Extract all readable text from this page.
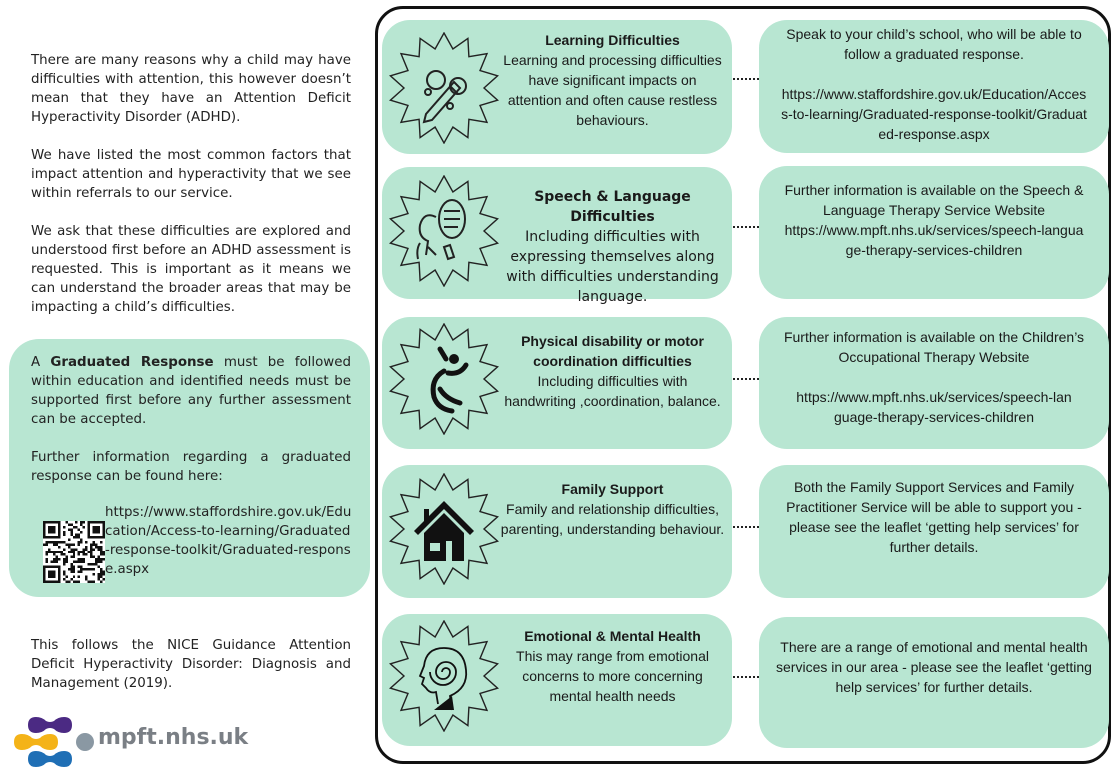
There are many reasons why a child may have difficulties with attention, this however doesn’t mean that they have an Attention Deficit Hyperactivity Disorder (ADHD).

We have listed the most common factors that impact attention and hyperactivity that we see within referrals to our service.

We ask that these difficulties are explored and understood first before an ADHD assessment is requested. This is important as it means we can understand the broader areas that may be impacting a child’s difficulties.

A Graduated Response must be followed within education and identified needs must be supported first before any further assessment can be accepted.
Further information regarding a graduated response can be found here:
https://www.staffordshire.gov.uk/Education/Access-to-learning/Graduated-response-toolkit/Graduated-response.aspx

This follows the NICE Guidance Attention Deficit Hyperactivity Disorder: Diagnosis and Management (2019).

mpft.nhs.uk
Learning Difficulties
Learning and processing difficulties have significant impacts on attention and often cause restless behaviours.

Speak to your child’s school, who will be able to follow a graduated response.

https://www.staffordshire.gov.uk/Education/Access-to-learning/Graduated-response-toolkit/Graduated-response.aspx

Speech & Language Difficulties
Including difficulties with expressing themselves along with difficulties understanding language.

Further information is available on the Speech & Language Therapy Service Website

https://www.mpft.nhs.uk/services/speech-language-therapy-services-children

Physical disability or motor coordination difficulties
Including difficulties with handwriting ,coordination, balance.

Further information is available on the Children’s Occupational Therapy Website

https://www.mpft.nhs.uk/services/speech-language-therapy-services-children

Family Support
Family and relationship difficulties, parenting, understanding behaviour.

Both the Family Support Services and Family Practitioner Service will be able to support you - please see the leaflet ‘getting help services’ for further details.

Emotional & Mental Health
This may range from emotional concerns to more concerning mental health needs

There are a range of emotional and mental health services in our area - please see the leaflet ‘getting help services’ for further details.
